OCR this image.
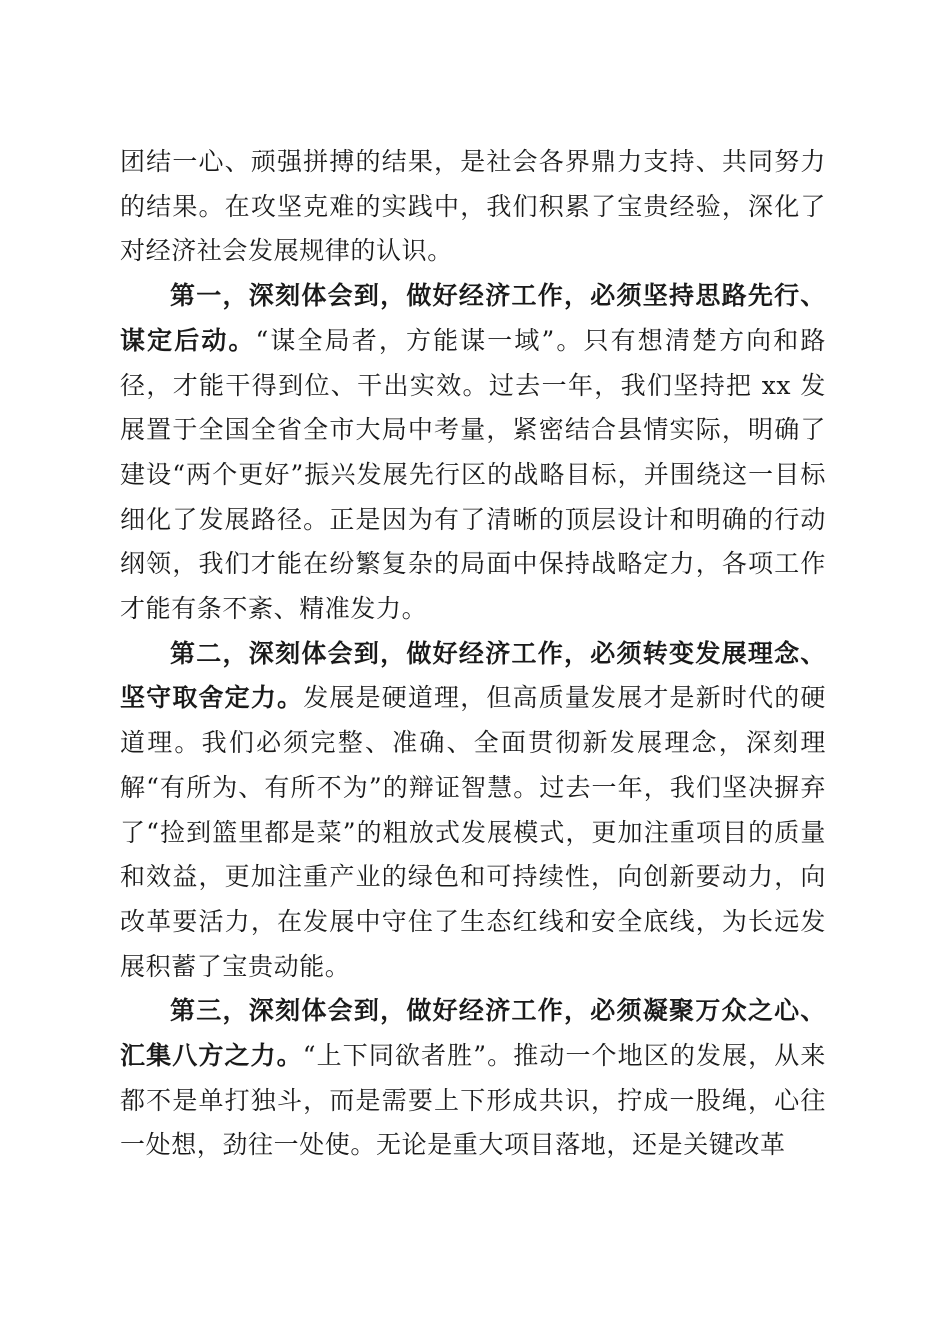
团结一心、顽强拼搏的结果，是社会各界鼎力支持、共同努力的结果。在攻坚克难的实践中，我们积累了宝贵经验，深化了对经济社会发展规律的认识。

第一，深刻体会到，做好经济工作，必须坚持思路先行、谋定后动。“谋全局者，方能谋一域”。只有想清楚方向和路径，才能干得到位、干出实效。过去一年，我们坚持把 xx 发展置于全国全省全市大局中考量，紧密结合县情实际，明确了建设“两个更好”振兴发展先行区的战略目标，并围绕这一目标细化了发展路径。正是因为有了清晰的顶层设计和明确的行动纲领，我们才能在纷繁复杂的局面中保持战略定力，各项工作才能有条不紊、精准发力。

第二，深刻体会到，做好经济工作，必须转变发展理念、坚守取舍定力。发展是硬道理，但高质量发展才是新时代的硬道理。我们必须完整、准确、全面贯彻新发展理念，深刻理解“有所为、有所不为”的辩证智慧。过去一年，我们坚决摒弃了“捡到篮里都是菜”的粗放式发展模式，更加注重项目的质量和效益，更加注重产业的绿色和可持续性，向创新要动力，向改革要活力，在发展中守住了生态红线和安全底线，为长远发展积蓄了宝贵动能。

第三，深刻体会到，做好经济工作，必须凝聚万众之心、汇集八方之力。“上下同欲者胜”。推动一个地区的发展，从来都不是单打独斗，而是需要上下形成共识，拧成一股绳，心往一处想，劲往一处使。无论是重大项目落地，还是关键改革
